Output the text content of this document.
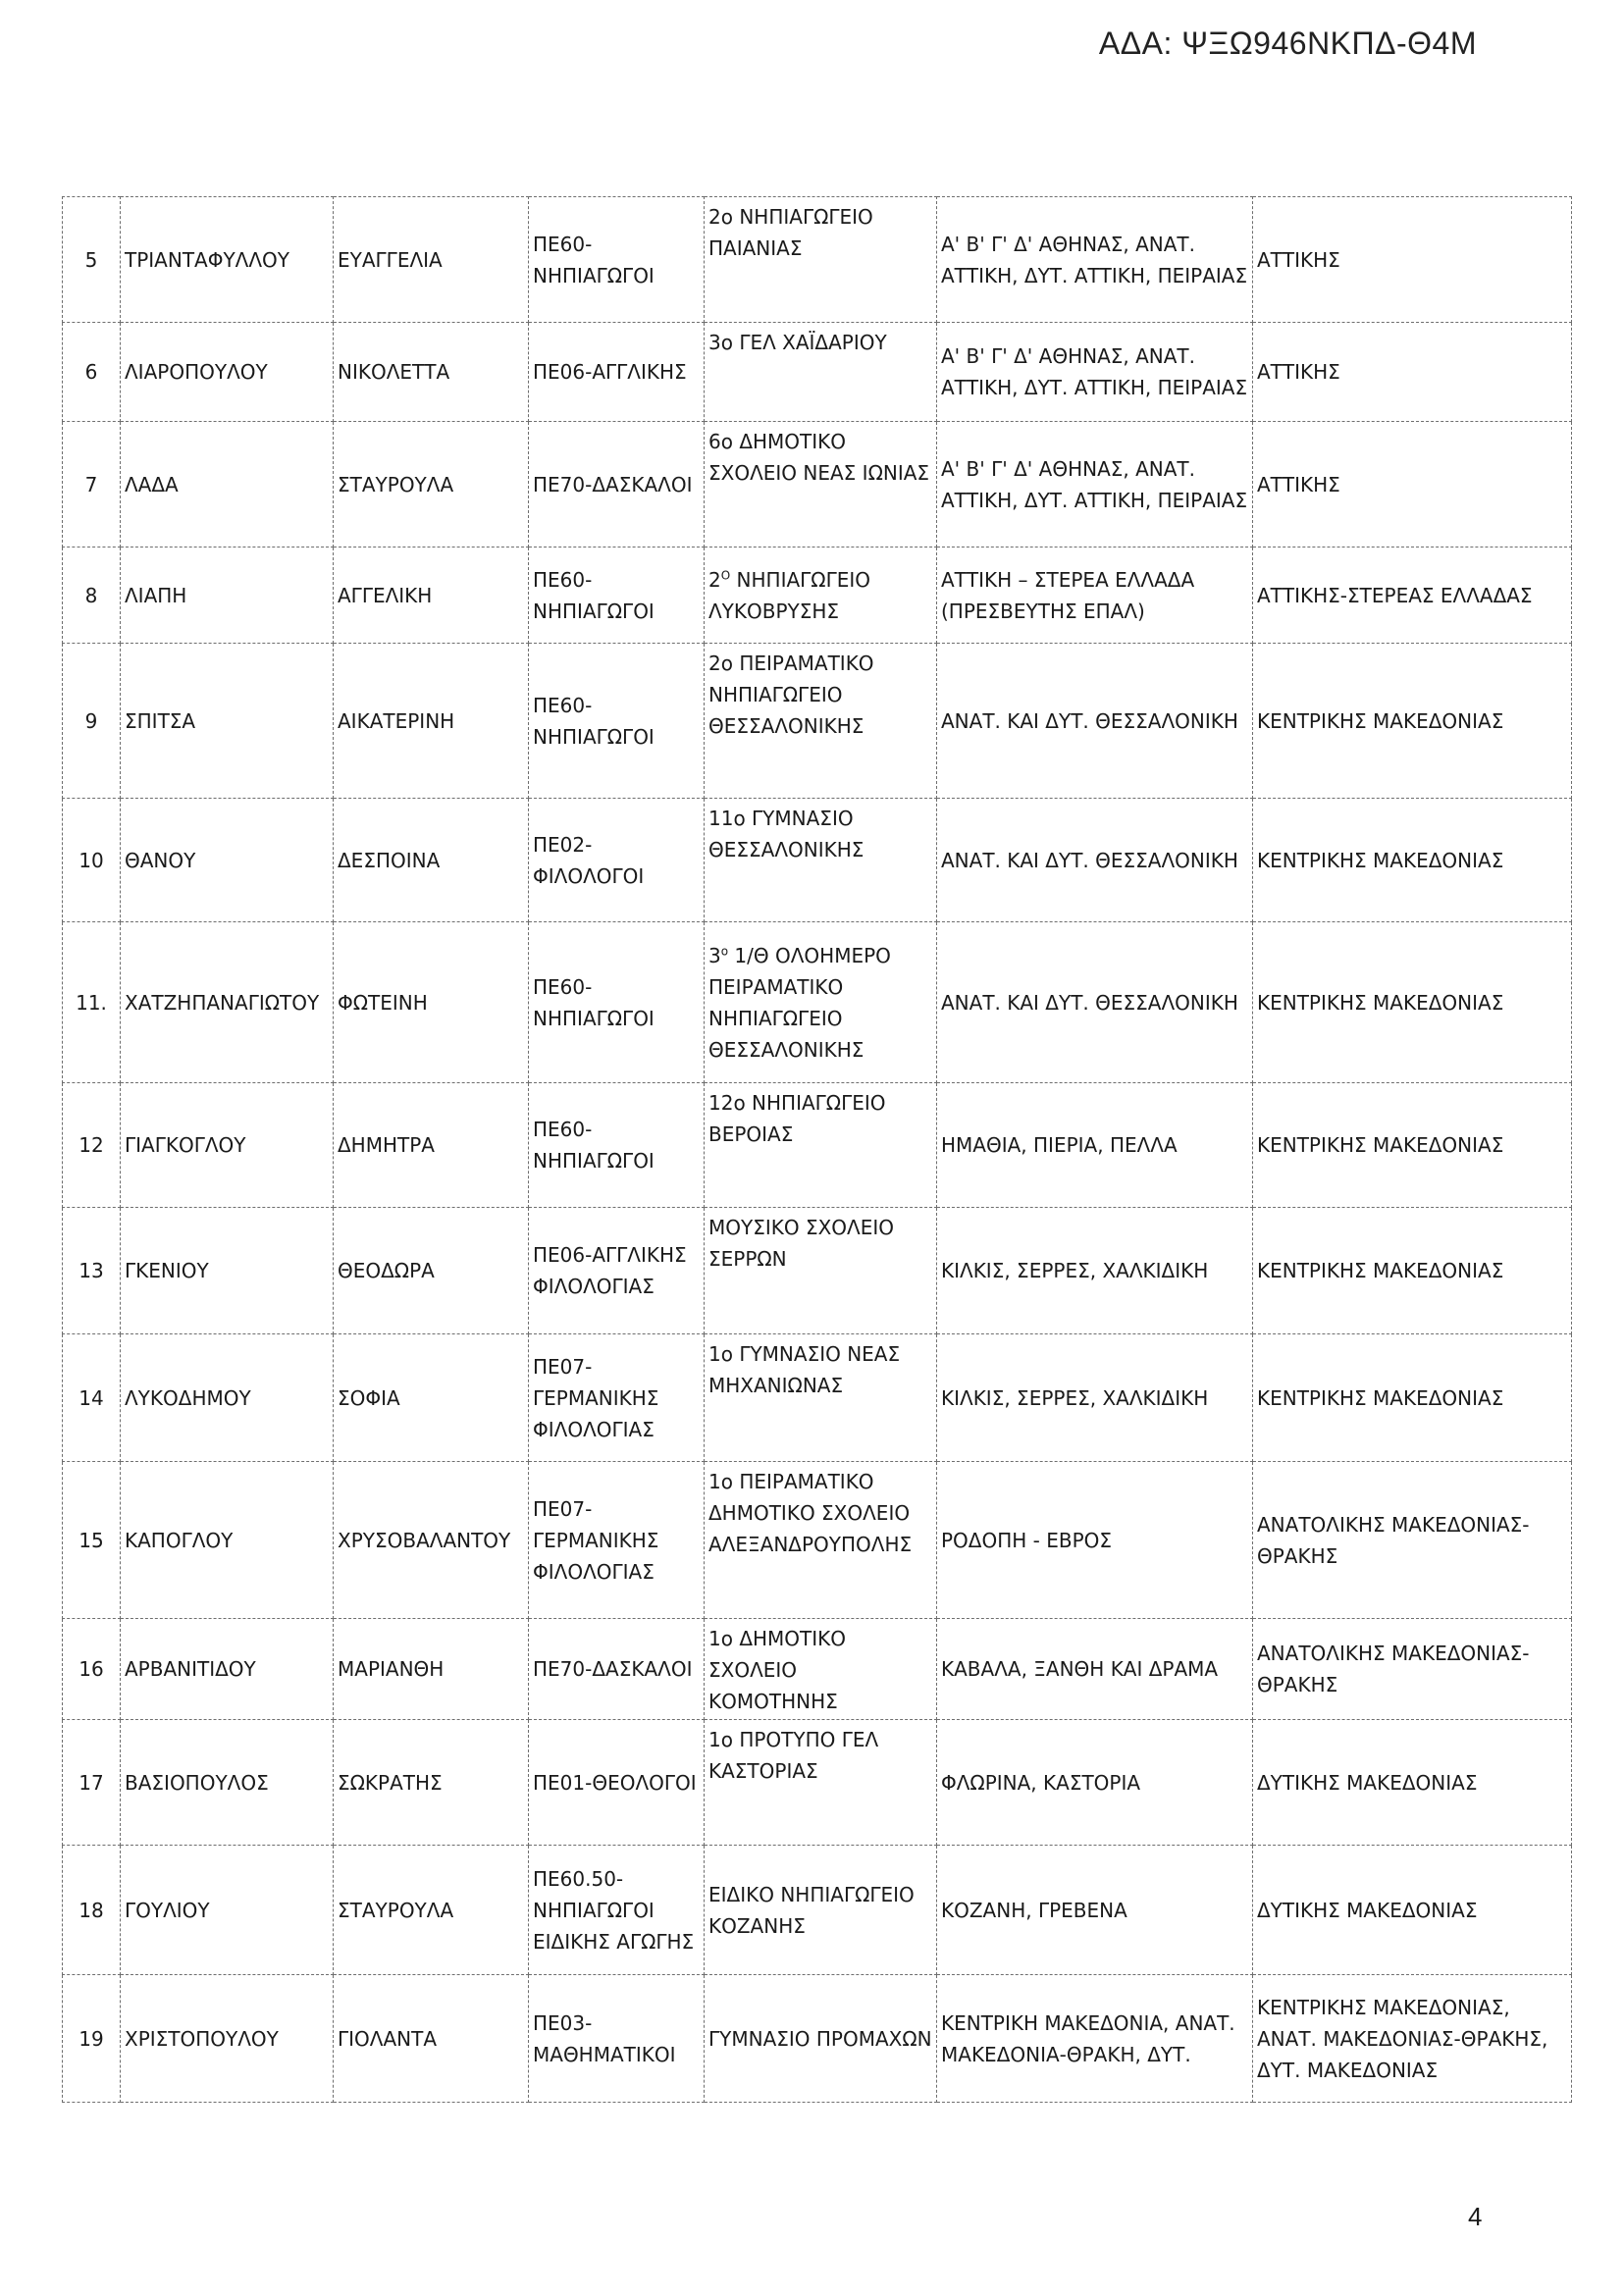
ΑΔΑ: ΨΞΩ946ΝΚΠΔ-Θ4Μ
5	ΤΡΙΑΝΤΑΦΥΛΛΟΥ	ΕΥΑΓΓΕΛΙΑ	ΠΕ60-ΝΗΠΙΑΓΩΓΟΙ	2ο ΝΗΠΙΑΓΩΓΕΙΟ ΠΑΙΑΝΙΑΣ	Α' Β' Γ' Δ' ΑΘΗΝΑΣ, ΑΝΑΤ. ΑΤΤΙΚΗ, ΔΥΤ. ΑΤΤΙΚΗ, ΠΕΙΡΑΙΑΣ	ΑΤΤΙΚΗΣ
6	ΛΙΑΡΟΠΟΥΛΟΥ	ΝΙΚΟΛΕΤΤΑ	ΠΕ06-ΑΓΓΛΙΚΗΣ	3ο ΓΕΛ ΧΑΪΔΑΡΙΟΥ	Α' Β' Γ' Δ' ΑΘΗΝΑΣ, ΑΝΑΤ. ΑΤΤΙΚΗ, ΔΥΤ. ΑΤΤΙΚΗ, ΠΕΙΡΑΙΑΣ	ΑΤΤΙΚΗΣ
7	ΛΑΔΑ	ΣΤΑΥΡΟΥΛΑ	ΠΕ70-ΔΑΣΚΑΛΟΙ	6ο ΔΗΜΟΤΙΚΟ ΣΧΟΛΕΙΟ ΝΕΑΣ ΙΩΝΙΑΣ	Α' Β' Γ' Δ' ΑΘΗΝΑΣ, ΑΝΑΤ. ΑΤΤΙΚΗ, ΔΥΤ. ΑΤΤΙΚΗ, ΠΕΙΡΑΙΑΣ	ΑΤΤΙΚΗΣ
8	ΛΙΑΠΗ	ΑΓΓΕΛΙΚΗ	ΠΕ60-ΝΗΠΙΑΓΩΓΟΙ	$2^O$ ΝΗΠΙΑΓΩΓΕΙΟ ΛΥΚΟΒΡΥΣΗΣ	ΑΤΤΙΚΗ – ΣΤΕΡΕΑ ΕΛΛΑΔΑ (ΠΡΕΣΒΕΥΤΗΣ ΕΠΑΛ)	ΑΤΤΙΚΗΣ-ΣΤΕΡΕΑΣ ΕΛΛΑΔΑΣ
9	ΣΠΙΤΣΑ	ΑΙΚΑΤΕΡΙΝΗ	ΠΕ60-ΝΗΠΙΑΓΩΓΟΙ	2ο ΠΕΙΡΑΜΑΤΙΚΟ ΝΗΠΙΑΓΩΓΕΙΟ ΘΕΣΣΑΛΟΝΙΚΗΣ	ΑΝΑΤ. ΚΑΙ ΔΥΤ. ΘΕΣΣΑΛΟΝΙΚΗ	ΚΕΝΤΡΙΚΗΣ ΜΑΚΕΔΟΝΙΑΣ
10	ΘΑΝΟΥ	ΔΕΣΠΟΙΝΑ	ΠΕ02-ΦΙΛΟΛΟΓΟΙ	11ο ΓΥΜΝΑΣΙΟ ΘΕΣΣΑΛΟΝΙΚΗΣ	ΑΝΑΤ. ΚΑΙ ΔΥΤ. ΘΕΣΣΑΛΟΝΙΚΗ	ΚΕΝΤΡΙΚΗΣ ΜΑΚΕΔΟΝΙΑΣ
11.	ΧΑΤΖΗΠΑΝΑΓΙΩΤΟΥ	ΦΩΤΕΙΝΗ	ΠΕ60-ΝΗΠΙΑΓΩΓΟΙ	$3^o$ 1/Θ ΟΛΟΗΜΕΡΟ ΠΕΙΡΑΜΑΤΙΚΟ ΝΗΠΙΑΓΩΓΕΙΟ ΘΕΣΣΑΛΟΝΙΚΗΣ	ΑΝΑΤ. ΚΑΙ ΔΥΤ. ΘΕΣΣΑΛΟΝΙΚΗ	ΚΕΝΤΡΙΚΗΣ ΜΑΚΕΔΟΝΙΑΣ
12	ΓΙΑΓΚΟΓΛΟΥ	ΔΗΜΗΤΡΑ	ΠΕ60-ΝΗΠΙΑΓΩΓΟΙ	12ο ΝΗΠΙΑΓΩΓΕΙΟ ΒΕΡΟΙΑΣ	ΗΜΑΘΙΑ, ΠΙΕΡΙΑ, ΠΕΛΛΑ	ΚΕΝΤΡΙΚΗΣ ΜΑΚΕΔΟΝΙΑΣ
13	ΓΚΕΝΙΟΥ	ΘΕΟΔΩΡΑ	ΠΕ06-ΑΓΓΛΙΚΗΣ ΦΙΛΟΛΟΓΙΑΣ	ΜΟΥΣΙΚΟ ΣΧΟΛΕΙΟ ΣΕΡΡΩΝ	ΚΙΛΚΙΣ, ΣΕΡΡΕΣ, ΧΑΛΚΙΔΙΚΗ	ΚΕΝΤΡΙΚΗΣ ΜΑΚΕΔΟΝΙΑΣ
14	ΛΥΚΟΔΗΜΟΥ	ΣΟΦΙΑ	ΠΕ07-ΓΕΡΜΑΝΙΚΗΣ ΦΙΛΟΛΟΓΙΑΣ	1ο ΓΥΜΝΑΣΙΟ ΝΕΑΣ ΜΗΧΑΝΙΩΝΑΣ	ΚΙΛΚΙΣ, ΣΕΡΡΕΣ, ΧΑΛΚΙΔΙΚΗ	ΚΕΝΤΡΙΚΗΣ ΜΑΚΕΔΟΝΙΑΣ
15	ΚΑΠΟΓΛΟΥ	ΧΡΥΣΟΒΑΛΑΝΤΟΥ	ΠΕ07-ΓΕΡΜΑΝΙΚΗΣ ΦΙΛΟΛΟΓΙΑΣ	1ο ΠΕΙΡΑΜΑΤΙΚΟ ΔΗΜΟΤΙΚΟ ΣΧΟΛΕΙΟ ΑΛΕΞΑΝΔΡΟΥΠΟΛΗΣ	ΡΟΔΟΠΗ - ΕΒΡΟΣ	ΑΝΑΤΟΛΙΚΗΣ ΜΑΚΕΔΟΝΙΑΣ-ΘΡΑΚΗΣ
16	ΑΡΒΑΝΙΤΙΔΟΥ	ΜΑΡΙΑΝΘΗ	ΠΕ70-ΔΑΣΚΑΛΟΙ	1ο ΔΗΜΟΤΙΚΟ ΣΧΟΛΕΙΟ ΚΟΜΟΤΗΝΗΣ	ΚΑΒΑΛΑ, ΞΑΝΘΗ ΚΑΙ ΔΡΑΜΑ	ΑΝΑΤΟΛΙΚΗΣ ΜΑΚΕΔΟΝΙΑΣ-ΘΡΑΚΗΣ
17	ΒΑΣΙΟΠΟΥΛΟΣ	ΣΩΚΡΑΤΗΣ	ΠΕ01-ΘΕΟΛΟΓΟΙ	1ο ΠΡΟΤΥΠΟ ΓΕΛ ΚΑΣΤΟΡΙΑΣ	ΦΛΩΡΙΝΑ, ΚΑΣΤΟΡΙΑ	ΔΥΤΙΚΗΣ ΜΑΚΕΔΟΝΙΑΣ
18	ΓΟΥΛΙΟΥ	ΣΤΑΥΡΟΥΛΑ	ΠΕ60.50-ΝΗΠΙΑΓΩΓΟΙ ΕΙΔΙΚΗΣ ΑΓΩΓΗΣ	ΕΙΔΙΚΟ ΝΗΠΙΑΓΩΓΕΙΟ ΚΟΖΑΝΗΣ	ΚΟΖΑΝΗ, ΓΡΕΒΕΝΑ	ΔΥΤΙΚΗΣ ΜΑΚΕΔΟΝΙΑΣ
19	ΧΡΙΣΤΟΠΟΥΛΟΥ	ΓΙΟΛΑΝΤΑ	ΠΕ03-ΜΑΘΗΜΑΤΙΚΟΙ	ΓΥΜΝΑΣΙΟ ΠΡΟΜΑΧΩΝ	ΚΕΝΤΡΙΚΗ ΜΑΚΕΔΟΝΙΑ, ΑΝΑΤ. ΜΑΚΕΔΟΝΙΑ-ΘΡΑΚΗ, ΔΥΤ.	ΚΕΝΤΡΙΚΗΣ ΜΑΚΕΔΟΝΙΑΣ, ΑΝΑΤ. ΜΑΚΕΔΟΝΙΑΣ-ΘΡΑΚΗΣ, ΔΥΤ. ΜΑΚΕΔΟΝΙΑΣ
4
